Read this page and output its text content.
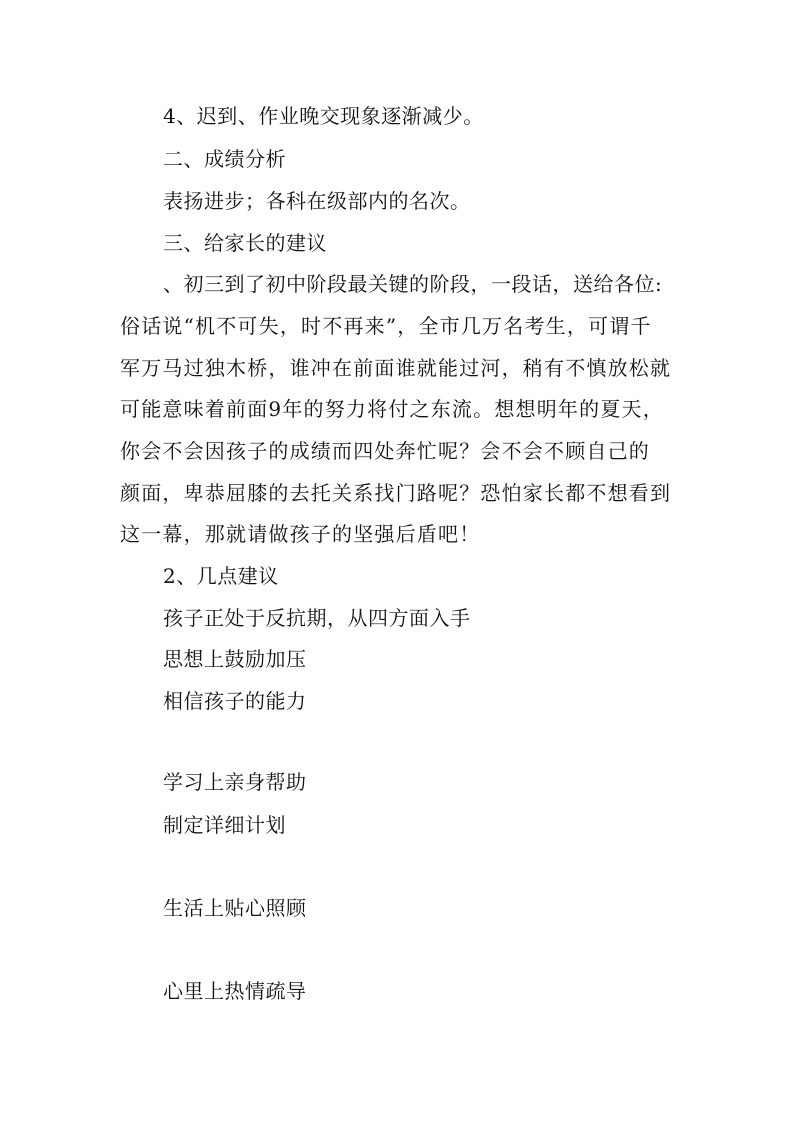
4、迟到、作业晚交现象逐渐减少。
二、成绩分析
表扬进步；各科在级部内的名次。
三、给家长的建议
、初三到了初中阶段最关键的阶段，一段话，送给各位:
俗话说“机不可失，时不再来”，全市几万名考生，可谓千
军万马过独木桥，谁冲在前面谁就能过河，稍有不慎放松就
可能意味着前面9年的努力将付之东流。想想明年的夏天，
你会不会因孩子的成绩而四处奔忙呢？会不会不顾自己的
颜面，卑恭屈膝的去托关系找门路呢？恐怕家长都不想看到
这一幕，那就请做孩子的坚强后盾吧！
2、几点建议
孩子正处于反抗期，从四方面入手
思想上鼓励加压
相信孩子的能力
学习上亲身帮助
制定详细计划
生活上贴心照顾
心里上热情疏导
